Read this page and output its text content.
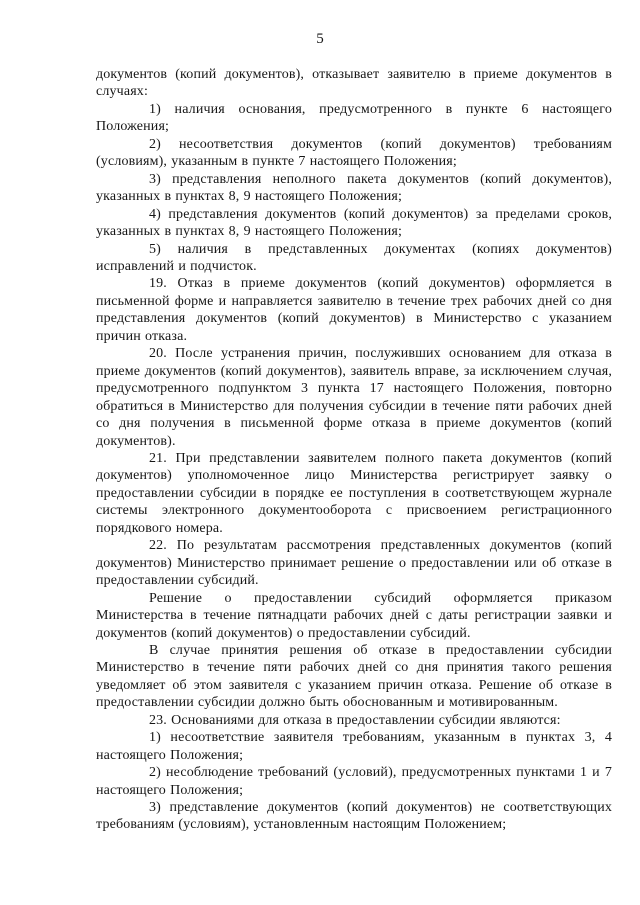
5

документов (копий документов), отказывает заявителю в приеме документов в случаях:

1) наличия основания, предусмотренного в пункте 6 настоящего Положения;

2) несоответствия документов (копий документов) требованиям (условиям), указанным в пункте 7 настоящего Положения;

3) представления неполного пакета документов (копий документов), указанных в пунктах 8, 9 настоящего Положения;

4) представления документов (копий документов) за пределами сроков, указанных в пунктах 8, 9 настоящего Положения;

5) наличия в представленных документах (копиях документов) исправлений и подчисток.

19. Отказ в приеме документов (копий документов) оформляется в письменной форме и направляется заявителю в течение трех рабочих дней со дня представления документов (копий документов) в Министерство с указанием причин отказа.

20. После устранения причин, послуживших основанием для отказа в приеме документов (копий документов), заявитель вправе, за исключением случая, предусмотренного подпунктом 3 пункта 17 настоящего Положения, повторно обратиться в Министерство для получения субсидии в течение пяти рабочих дней со дня получения в письменной форме отказа в приеме документов (копий документов).

21. При представлении заявителем полного пакета документов (копий документов) уполномоченное лицо Министерства регистрирует заявку о предоставлении субсидии в порядке ее поступления в соответствующем журнале системы электронного документооборота с присвоением регистрационного порядкового номера.

22. По результатам рассмотрения представленных документов (копий документов) Министерство принимает решение о предоставлении или об отказе в предоставлении субсидий.

Решение о предоставлении субсидий оформляется приказом Министерства в течение пятнадцати рабочих дней с даты регистрации заявки и документов (копий документов) о предоставлении субсидий.

В случае принятия решения об отказе в предоставлении субсидии Министерство в течение пяти рабочих дней со дня принятия такого решения уведомляет об этом заявителя с указанием причин отказа. Решение об отказе в предоставлении субсидии должно быть обоснованным и мотивированным.

23. Основаниями для отказа в предоставлении субсидии являются:

1) несоответствие заявителя требованиям, указанным в пунктах 3, 4 настоящего Положения;

2) несоблюдение требований (условий), предусмотренных пунктами 1 и 7 настоящего Положения;

3) представление документов (копий документов) не соответствующих требованиям (условиям), установленным настоящим Положением;
